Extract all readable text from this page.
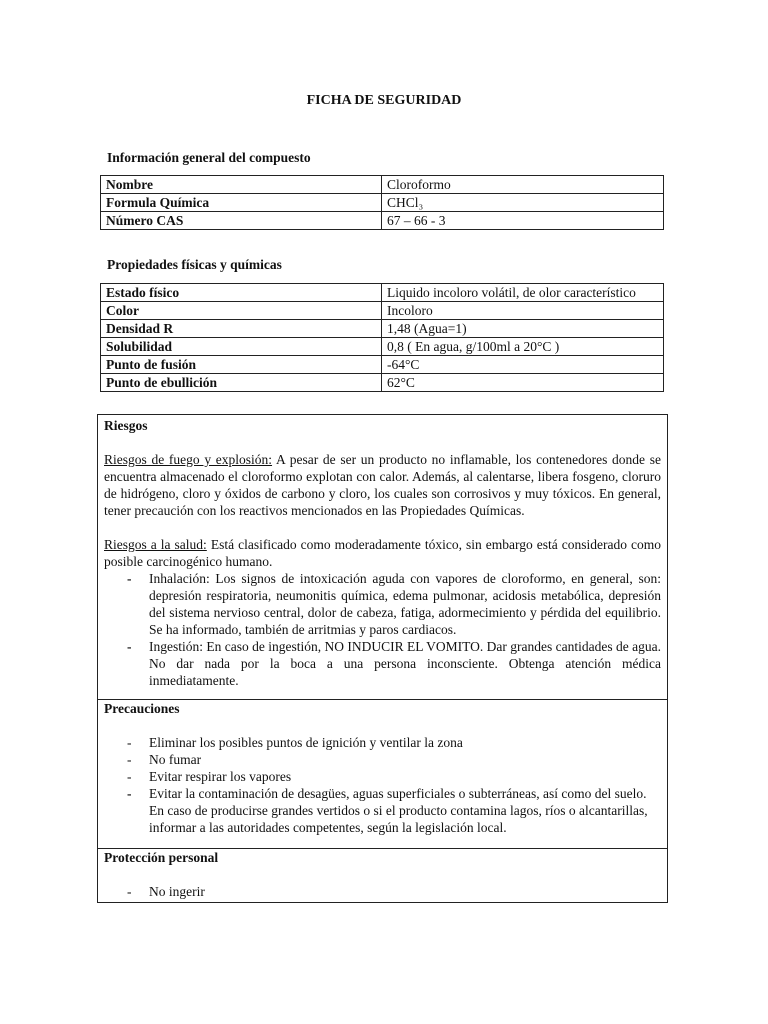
FICHA DE SEGURIDAD
Información general del compuesto
Nombre	Cloroformo
Formula Química	CHCl₃
Número CAS	67 – 66 - 3
Propiedades físicas y químicas
Estado físico	Liquido incoloro volátil, de olor característico
Color	Incoloro
Densidad R	1,48 (Agua=1)
Solubilidad	0,8 ( En agua, g/100ml a 20°C )
Punto de fusión	-64°C
Punto de ebullición	62°C
Riesgos

Riesgos de fuego y explosión: A pesar de ser un producto no inflamable, los contenedores donde se encuentra almacenado el cloroformo explotan con calor. Además, al calentarse, libera fosgeno, cloruro de hidrógeno, cloro y óxidos de carbono y cloro, los cuales son corrosivos y muy tóxicos. En general, tener precaución con los reactivos mencionados en las Propiedades Químicas.

Riesgos a la salud: Está clasificado como moderadamente tóxico, sin embargo está considerado como posible carcinogénico humano.

- Inhalación: Los signos de intoxicación aguda con vapores de cloroformo, en general, son: depresión respiratoria, neumonitis química, edema pulmonar, acidosis metabólica, depresión del sistema nervioso central, dolor de cabeza, fatiga, adormecimiento y pérdida del equilibrio. Se ha informado, también de arritmias y paros cardiacos.
- Ingestión: En caso de ingestión, NO INDUCIR EL VOMITO. Dar grandes cantidades de agua. No dar nada por la boca a una persona inconsciente. Obtenga atención médica inmediatamente.
Precauciones
- Eliminar los posibles puntos de ignición y ventilar la zona
- No fumar
- Evitar respirar los vapores
- Evitar la contaminación de desagües, aguas superficiales o subterráneas, así como del suelo. En caso de producirse grandes vertidos o si el producto contamina lagos, ríos o alcantarillas, informar a las autoridades competentes, según la legislación local.
Protección personal
- No ingerir
